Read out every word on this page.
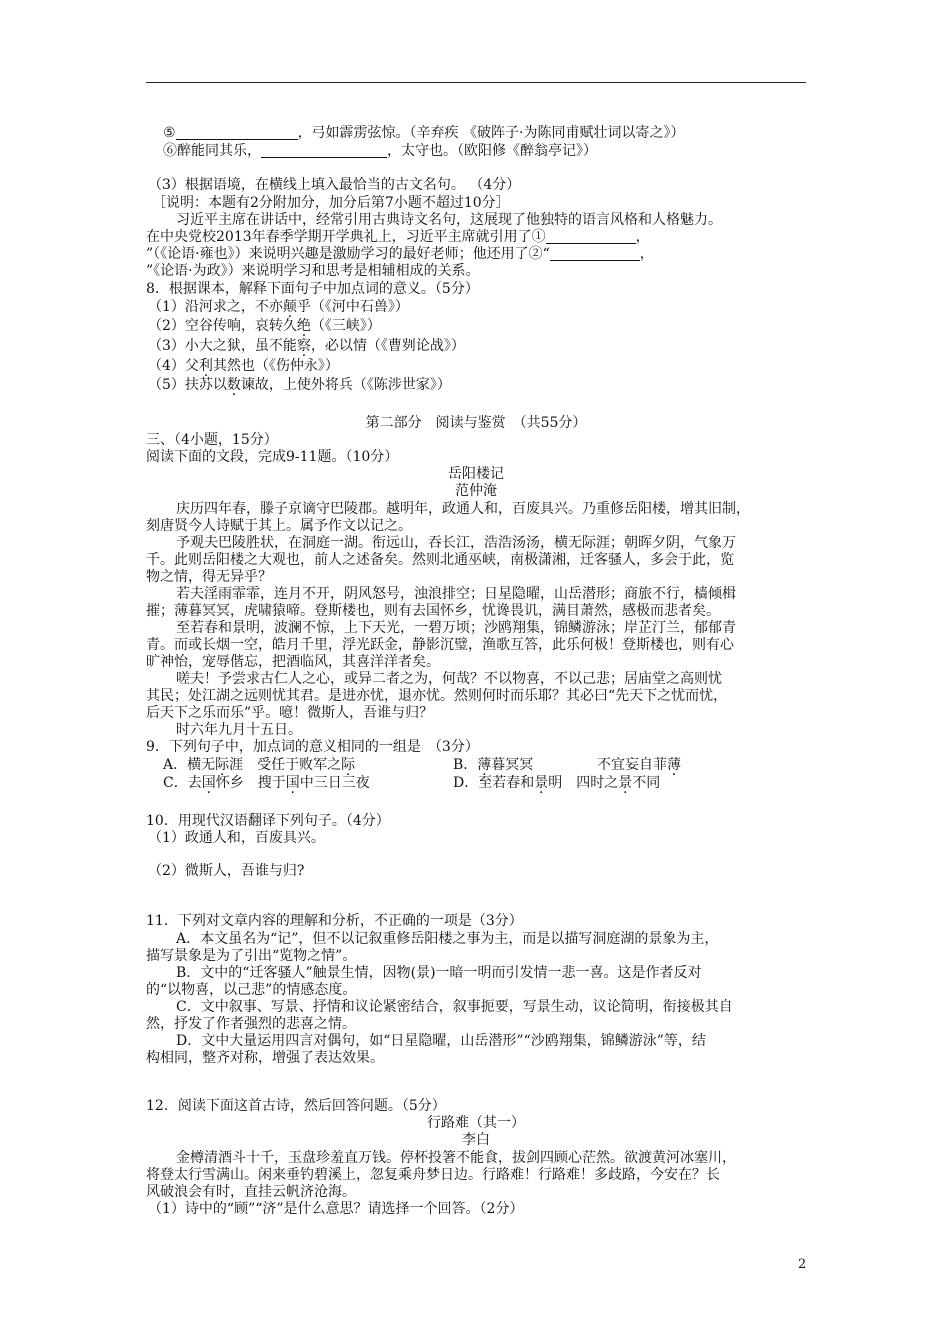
⑤	，弓如霹雳弦惊。（辛弃疾 《破阵子·为陈同甫赋壮词以寄之》）
⑥醉能同其乐，	，太守也。（欧阳修《醉翁亭记》）
（3）根据语境，在横线上填入最恰当的古文名句。 （4分）
［说明：本题有2分附加分，加分后第7小题不超过10分］
习近平主席在讲话中，经常引用古典诗文名句，这展现了他独特的语言风格和人格魅力。
在中央党校2013年春季学期开学典礼上，习近平主席就引用了①	，
”（《论语·雍也》）来说明兴趣是激励学习的最好老师；他还用了②“	，
”《论语·为政》）来说明学习和思考是相辅相成的关系。
8．根据课本，解释下面句子中加点词的意义。（5分）
（1）沿河求之，不亦颠乎（《河中石兽》）
（2）空谷传响，哀转久绝（《三峡》）
（3）小大之狱，虽不能察，必以情（《曹刿论战》）
（4）父利其然也（《伤仲永》）
（5）扶苏以数谏故，上使外将兵（《陈涉世家》）
第二部分　阅读与鉴赏　（共55分）
三、（4小题，15分）
阅读下面的文段，完成9-11题。（10分）
岳阳楼记
范仲淹
庆历四年春，滕子京谪守巴陵郡。越明年，政通人和，百废具兴。乃重修岳阳楼，增其旧制，
刻唐贤今人诗赋于其上。属予作文以记之。
予观夫巴陵胜状，在洞庭一湖。衔远山，吞长江，浩浩汤汤，横无际涯；朝晖夕阴，气象万
千。此则岳阳楼之大观也，前人之述备矣。然则北通巫峡，南极潇湘，迁客骚人，多会于此，览
物之情，得无异乎？
若夫淫雨霏霏，连月不开，阴风怒号，浊浪排空；日星隐曜，山岳潜形；商旅不行，樯倾楫
摧；薄暮冥冥，虎啸猿啼。登斯楼也，则有去国怀乡，忧谗畏讥，满目萧然，感极而悲者矣。
至若春和景明，波澜不惊，上下天光，一碧万顷；沙鸥翔集，锦鳞游泳；岸芷汀兰，郁郁青
青。而或长烟一空，皓月千里，浮光跃金，静影沉璧，渔歌互答，此乐何极！登斯楼也，则有心
旷神怡，宠辱偕忘，把酒临风，其喜洋洋者矣。
嗟夫！予尝求古仁人之心，或异二者之为，何哉？不以物喜，不以己悲；居庙堂之高则忧
其民；处江湖之远则忧其君。是进亦忧，退亦忧。然则何时而乐耶？其必曰“先天下之忧而忧，
后天下之乐而乐”乎。噫！微斯人，吾谁与归？
时六年九月十五日。
9．下列句子中，加点词的意义相同的一组是　（3分）
A．横无际涯　受任于败军之际	B．薄暮冥冥	不宜妄自菲薄
C．去国怀乡　搜于国中三日三夜	D．至若春和景明　四时之景不同
10．用现代汉语翻译下列句子。（4分）
（1）政通人和，百废具兴。
（2）微斯人，吾谁与归?
11．下列对文章内容的理解和分析，不正确的一项是（3分）
A．本文虽名为“记”，但不以记叙重修岳阳楼之事为主，而是以描写洞庭湖的景象为主，
描写景象是为了引出“览物之情”。
B．文中的“迁客骚人”触景生情，因物(景)一暗一明而引发情一悲一喜。这是作者反对
的“以物喜，以己悲”的情感态度。
C．文中叙事、写景、抒情和议论紧密结合，叙事扼要，写景生动，议论简明，衔接极其自
然，抒发了作者强烈的悲喜之情。
D．文中大量运用四言对偶句，如“日星隐曜，山岳潜形”“沙鸥翔集，锦鳞游泳”等，结
构相同，整齐对称，增强了表达效果。
12．阅读下面这首古诗，然后回答问题。（5分）
行路难（其一）
李白
金樽清酒斗十千，玉盘珍羞直万钱。停杯投箸不能食，拔剑四顾心茫然。欲渡黄河冰塞川，
将登太行雪满山。闲来垂钓碧溪上，忽复乘舟梦日边。行路难！行路难！多歧路，今安在？长
风破浪会有时，直挂云帆济沧海。
（1）诗中的“顾”“济”是什么意思？请选择一个回答。（2分）
2
